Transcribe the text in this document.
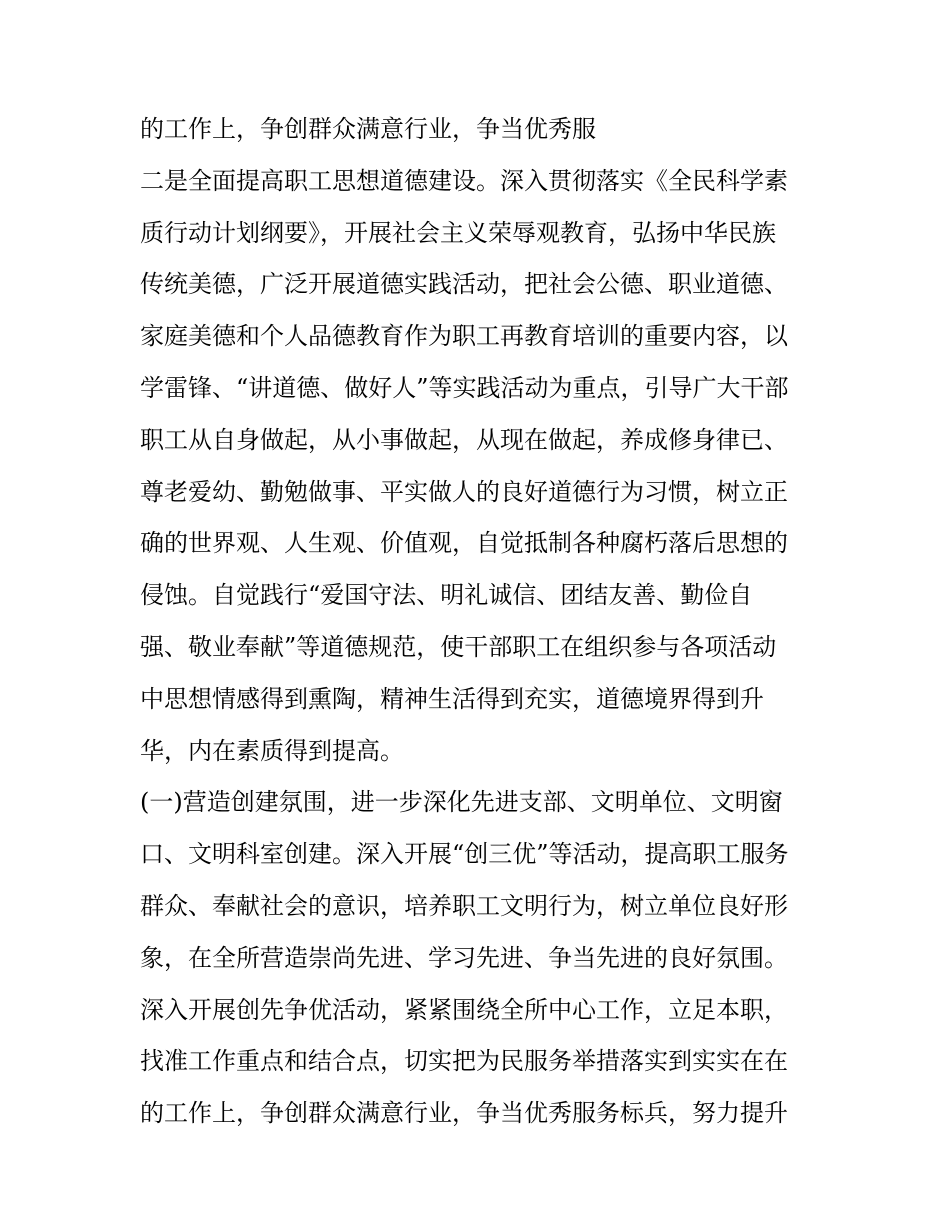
的工作上，争创群众满意行业，争当优秀服
二是全面提高职工思想道德建设。深入贯彻落实《全民科学素
质行动计划纲要》，开展社会主义荣辱观教育，弘扬中华民族
传统美德，广泛开展道德实践活动，把社会公德、职业道德、
家庭美德和个人品德教育作为职工再教育培训的重要内容，以
学雷锋、“讲道德、做好人”等实践活动为重点，引导广大干部
职工从自身做起，从小事做起，从现在做起，养成修身律已、
尊老爱幼、勤勉做事、平实做人的良好道德行为习惯，树立正
确的世界观、人生观、价值观，自觉抵制各种腐朽落后思想的
侵蚀。自觉践行“爱国守法、明礼诚信、团结友善、勤俭自
强、敬业奉献”等道德规范，使干部职工在组织参与各项活动
中思想情感得到熏陶，精神生活得到充实，道德境界得到升
华，内在素质得到提高。
(一)营造创建氛围，进一步深化先进支部、文明单位、文明窗
口、文明科室创建。深入开展“创三优”等活动，提高职工服务
群众、奉献社会的意识，培养职工文明行为，树立单位良好形
象，在全所营造崇尚先进、学习先进、争当先进的良好氛围。
深入开展创先争优活动，紧紧围绕全所中心工作，立足本职，
找准工作重点和结合点，切实把为民服务举措落实到实实在在
的工作上，争创群众满意行业，争当优秀服务标兵，努力提升
